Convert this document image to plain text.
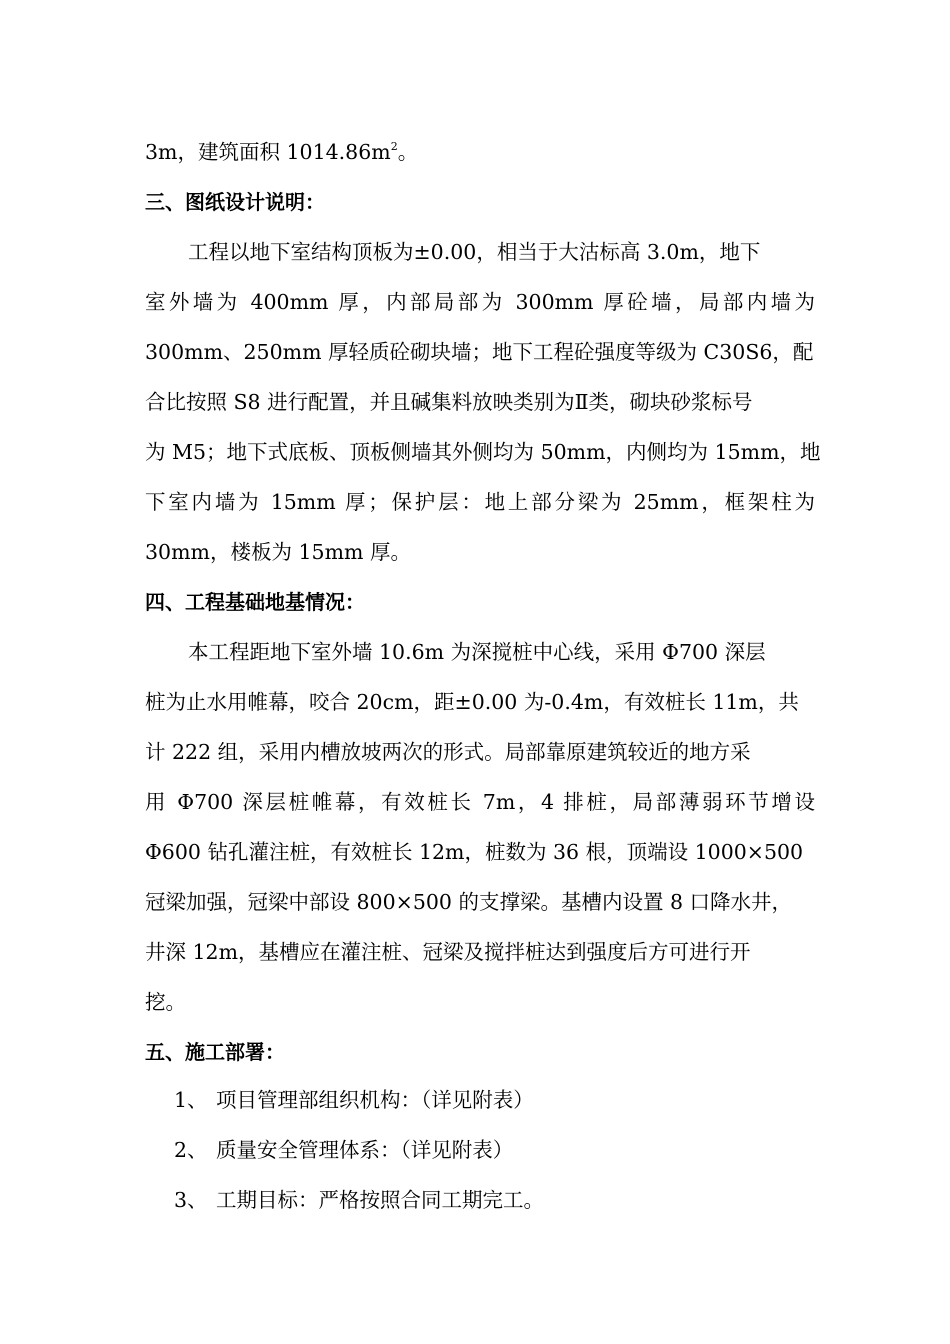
3m，建筑面积 $1014.86m^2$。
三、图纸设计说明：
工程以地下室结构顶板为±0.00，相当于大沽标高 3.0m，地下
室外墙为 400mm 厚，内部局部为 300mm 厚砼墙，局部内墙为
300mm、250mm 厚轻质砼砌块墙；地下工程砼强度等级为 C30S6，配
合比按照 S8 进行配置，并且碱集料放映类别为Ⅱ类，砌块砂浆标号
为 M5；地下式底板、顶板侧墙其外侧均为 50mm，内侧均为 15mm，地
下室内墙为 15mm 厚；保护层：地上部分梁为 25mm，框架柱为
30mm，楼板为 15mm 厚。
四、工程基础地基情况：
本工程距地下室外墙 10.6m 为深搅桩中心线，采用 Φ700 深层
桩为止水用帷幕，咬合 20cm，距±0.00 为-0.4m，有效桩长 11m，共
计 222 组，采用内槽放坡两次的形式。局部靠原建筑较近的地方采
用 Φ700 深层桩帷幕，有效桩长 7m，4 排桩，局部薄弱环节增设
Φ600 钻孔灌注桩，有效桩长 12m，桩数为 36 根，顶端设 1000×500
冠梁加强，冠梁中部设 800×500 的支撑梁。基槽内设置 8 口降水井，
井深 12m，基槽应在灌注桩、冠梁及搅拌桩达到强度后方可进行开
挖。
五、施工部署：
1、 项目管理部组织机构：（详见附表）
2、 质量安全管理体系：（详见附表）
3、 工期目标：严格按照合同工期完工。
